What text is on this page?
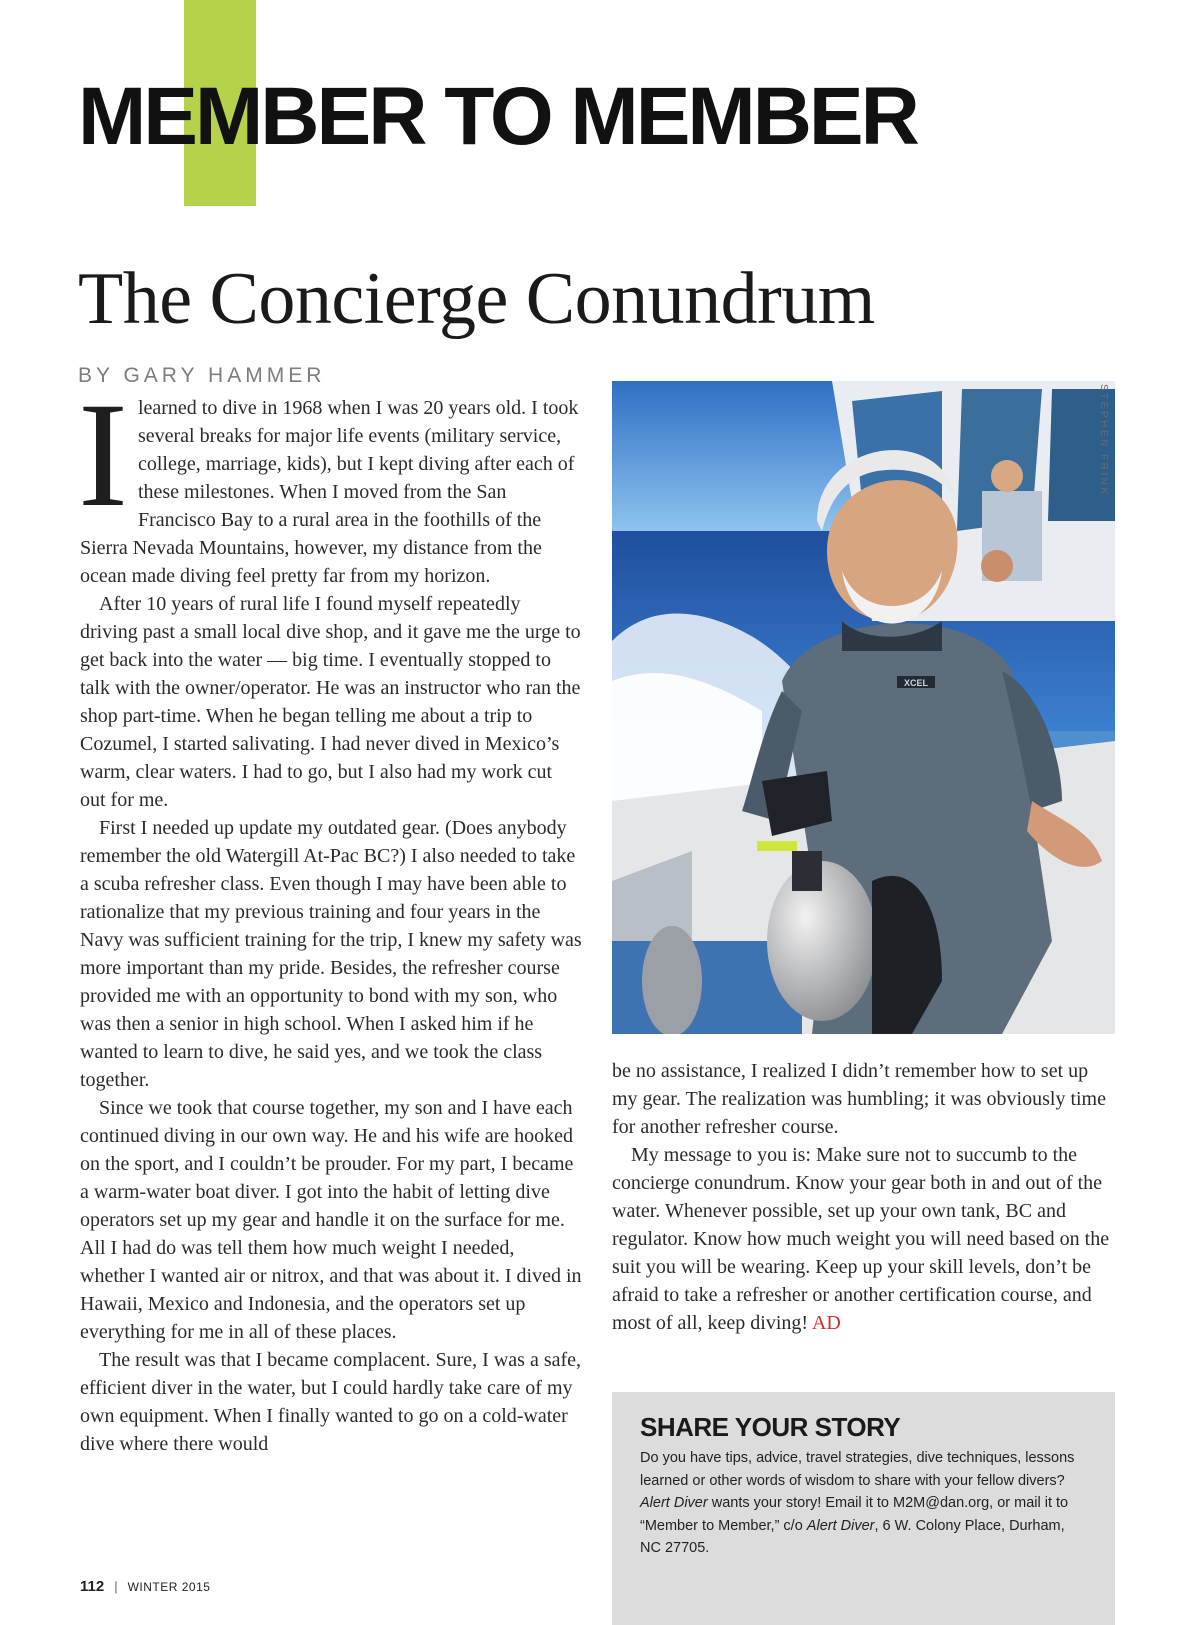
MEMBER TO MEMBER
The Concierge Conundrum
BY GARY HAMMER

Ilearned to dive in 1968 when I was 20 years old. I took several breaks for major life events (military service, college, marriage, kids), but I kept diving after each of these milestones. When I moved from the San Francisco Bay to a rural area in the foothills of the Sierra Nevada Mountains, however, my distance from the ocean made diving feel pretty far from my horizon.

After 10 years of rural life I found myself repeatedly driving past a small local dive shop, and it gave me the urge to get back into the water — big time. I eventually stopped to talk with the owner/operator. He was an instructor who ran the shop part-time. When he began telling me about a trip to Cozumel, I started salivating. I had never dived in Mexico’s warm, clear waters. I had to go, but I also had my work cut out for me.

First I needed up update my outdated gear. (Does anybody remember the old Watergill At-Pac BC?) I also needed to take a scuba refresher class. Even though I may have been able to rationalize that my previous training and four years in the Navy was sufficient training for the trip, I knew my safety was more important than my pride. Besides, the refresher course provided me with an opportunity to bond with my son, who was then a senior in high school. When I asked him if he wanted to learn to dive, he said yes, and we took the class together.

Since we took that course together, my son and I have each continued diving in our own way. He and his wife are hooked on the sport, and I couldn’t be prouder. For my part, I became a warm-water boat diver. I got into the habit of letting dive operators set up my gear and handle it on the surface for me. All I had do was tell them how much weight I needed, whether I wanted air or nitrox, and that was about it. I dived in Hawaii, Mexico and Indonesia, and the operators set up everything for me in all of these places.

The result was that I became complacent. Sure, I was a safe, efficient diver in the water, but I could hardly take care of my own equipment. When I finally wanted to go on a cold-water dive where there would

XCEL
STEPHEN FRINK

be no assistance, I realized I didn’t remember how to set up my gear. The realization was humbling; it was obviously time for another refresher course.

My message to you is: Make sure not to succumb to the concierge conundrum. Know your gear both in and out of the water. Whenever possible, set up your own tank, BC and regulator. Know how much weight you will need based on the suit you will be wearing. Keep up your skill levels, don’t be afraid to take a refresher or another certification course, and most of all, keep diving! AD

SHARE YOUR STORY

Do you have tips, advice, travel strategies, dive techniques, lessons learned or other words of wisdom to share with your fellow divers? Alert Diver wants your story! Email it to M2M@dan.org, or mail it to “Member to Member,” c/o Alert Diver, 6 W. Colony Place, Durham, NC 27705.

112 | WINTER 2015
